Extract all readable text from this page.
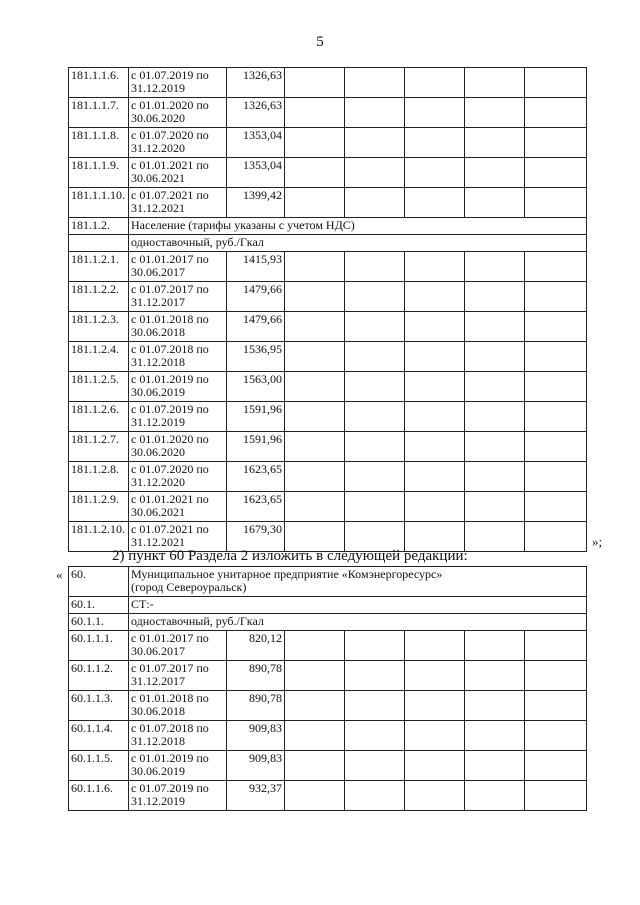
5
181.1.1.6.	с 01.07.2019 по
31.12.2019	1326,63					
181.1.1.7.	с 01.01.2020 по
30.06.2020	1326,63					
181.1.1.8.	с 01.07.2020 по
31.12.2020	1353,04					
181.1.1.9.	с 01.01.2021 по
30.06.2021	1353,04					
181.1.1.10.	с 01.07.2021 по
31.12.2021	1399,42					
181.1.2.	Население (тарифы указаны с учетом НДС)						
	одноставочный, руб./Гкал						
181.1.2.1.	с 01.01.2017 по
30.06.2017	1415,93					
181.1.2.2.	с 01.07.2017 по
31.12.2017	1479,66					
181.1.2.3.	с 01.01.2018 по
30.06.2018	1479,66					
181.1.2.4.	с 01.07.2018 по
31.12.2018	1536,95					
181.1.2.5.	с 01.01.2019 по
30.06.2019	1563,00					
181.1.2.6.	с 01.07.2019 по
31.12.2019	1591,96					
181.1.2.7.	с 01.01.2020 по
30.06.2020	1591,96					
181.1.2.8.	с 01.07.2020 по
31.12.2020	1623,65					
181.1.2.9.	с 01.01.2021 по
30.06.2021	1623,65					
181.1.2.10.	с 01.07.2021 по
31.12.2021	1679,30					
»;
2) пункт 60 Раздела 2 изложить в следующей редакции:
« 60.	Муниципальное унитарное предприятие «Комэнергоресурс»
(город Североуральск)						

60.1.	СТ:-						
60.1.1.	одноставочный, руб./Гкал						
60.1.1.1.	с 01.01.2017 по
30.06.2017	820,12					
60.1.1.2.	с 01.07.2017 по
31.12.2017	890,78					
60.1.1.3.	с 01.01.2018 по
30.06.2018	890,78					
60.1.1.4.	с 01.07.2018 по
31.12.2018	909,83					
60.1.1.5.	с 01.01.2019 по
30.06.2019	909,83					
60.1.1.6.	с 01.07.2019 по
31.12.2019	932,37					
